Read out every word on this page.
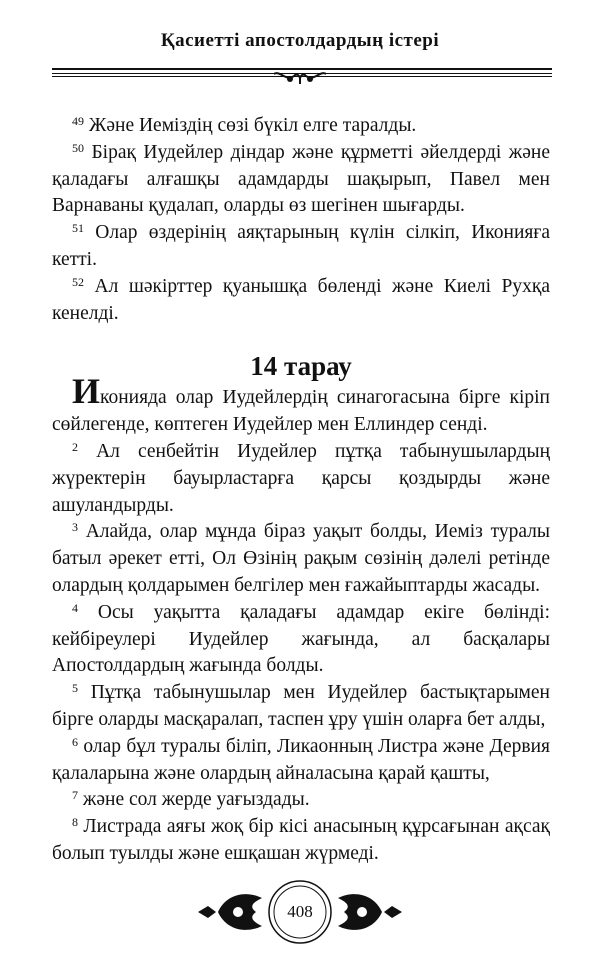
Қасиетті апостолдардың істері

$^{49}$ Және Иеміздің сөзі бүкіл елге таралды.

$^{50}$ Бірақ Иудейлер діндар және құрметті әйелдерді және қаладағы алғашқы адамдарды шақырып, Павел мен Варнаваны қудалап, оларды өз шегінен шығарды.

$^{51}$ Олар өздерінің аяқтарының күлін сілкіп, Иконияға кетті.

$^{52}$ Ал шәкірттер қуанышқа бөленді және Киелі Рухқа кенелді.

14 тарау

Икониядa олар Иудейлердің синагогасына бірге кіріп сөйлегенде, көптеген Иудейлер мен Еллиндер сенді.

$^2$ Ал сенбейтін Иудейлер пұтқа табынушылардың жүректерін бауырластарға қарсы қоздырды және ашуландырды.

$^3$ Алайда, олар мұнда біраз уақыт болды, Иеміз туралы батыл әрекет етті, Ол Өзінің рақым сөзінің дәлелі ретінде олардың қолдарымен белгілер мен ғажайыптарды жасады.

$^4$ Осы уақытта қаладағы адамдар екіге бөлінді: кейбіреулері Иудейлер жағында, ал басқалары Апостолдардың жағында болды.

$^5$ Пұтқа табынушылар мен Иудейлер бастықтарымен бірге оларды масқаралап, таспен ұру үшін оларға бет алды,

$^6$ олар бұл туралы біліп, Ликаонның Листра және Дервия қалаларына және олардың айналасына қарай қашты,

$^7$ және сол жерде уағыздады.

$^8$ Листрада аяғы жоқ бір кісі анасының құрсағынан ақсақ болып туылды және ешқашан жүрмеді.

408
